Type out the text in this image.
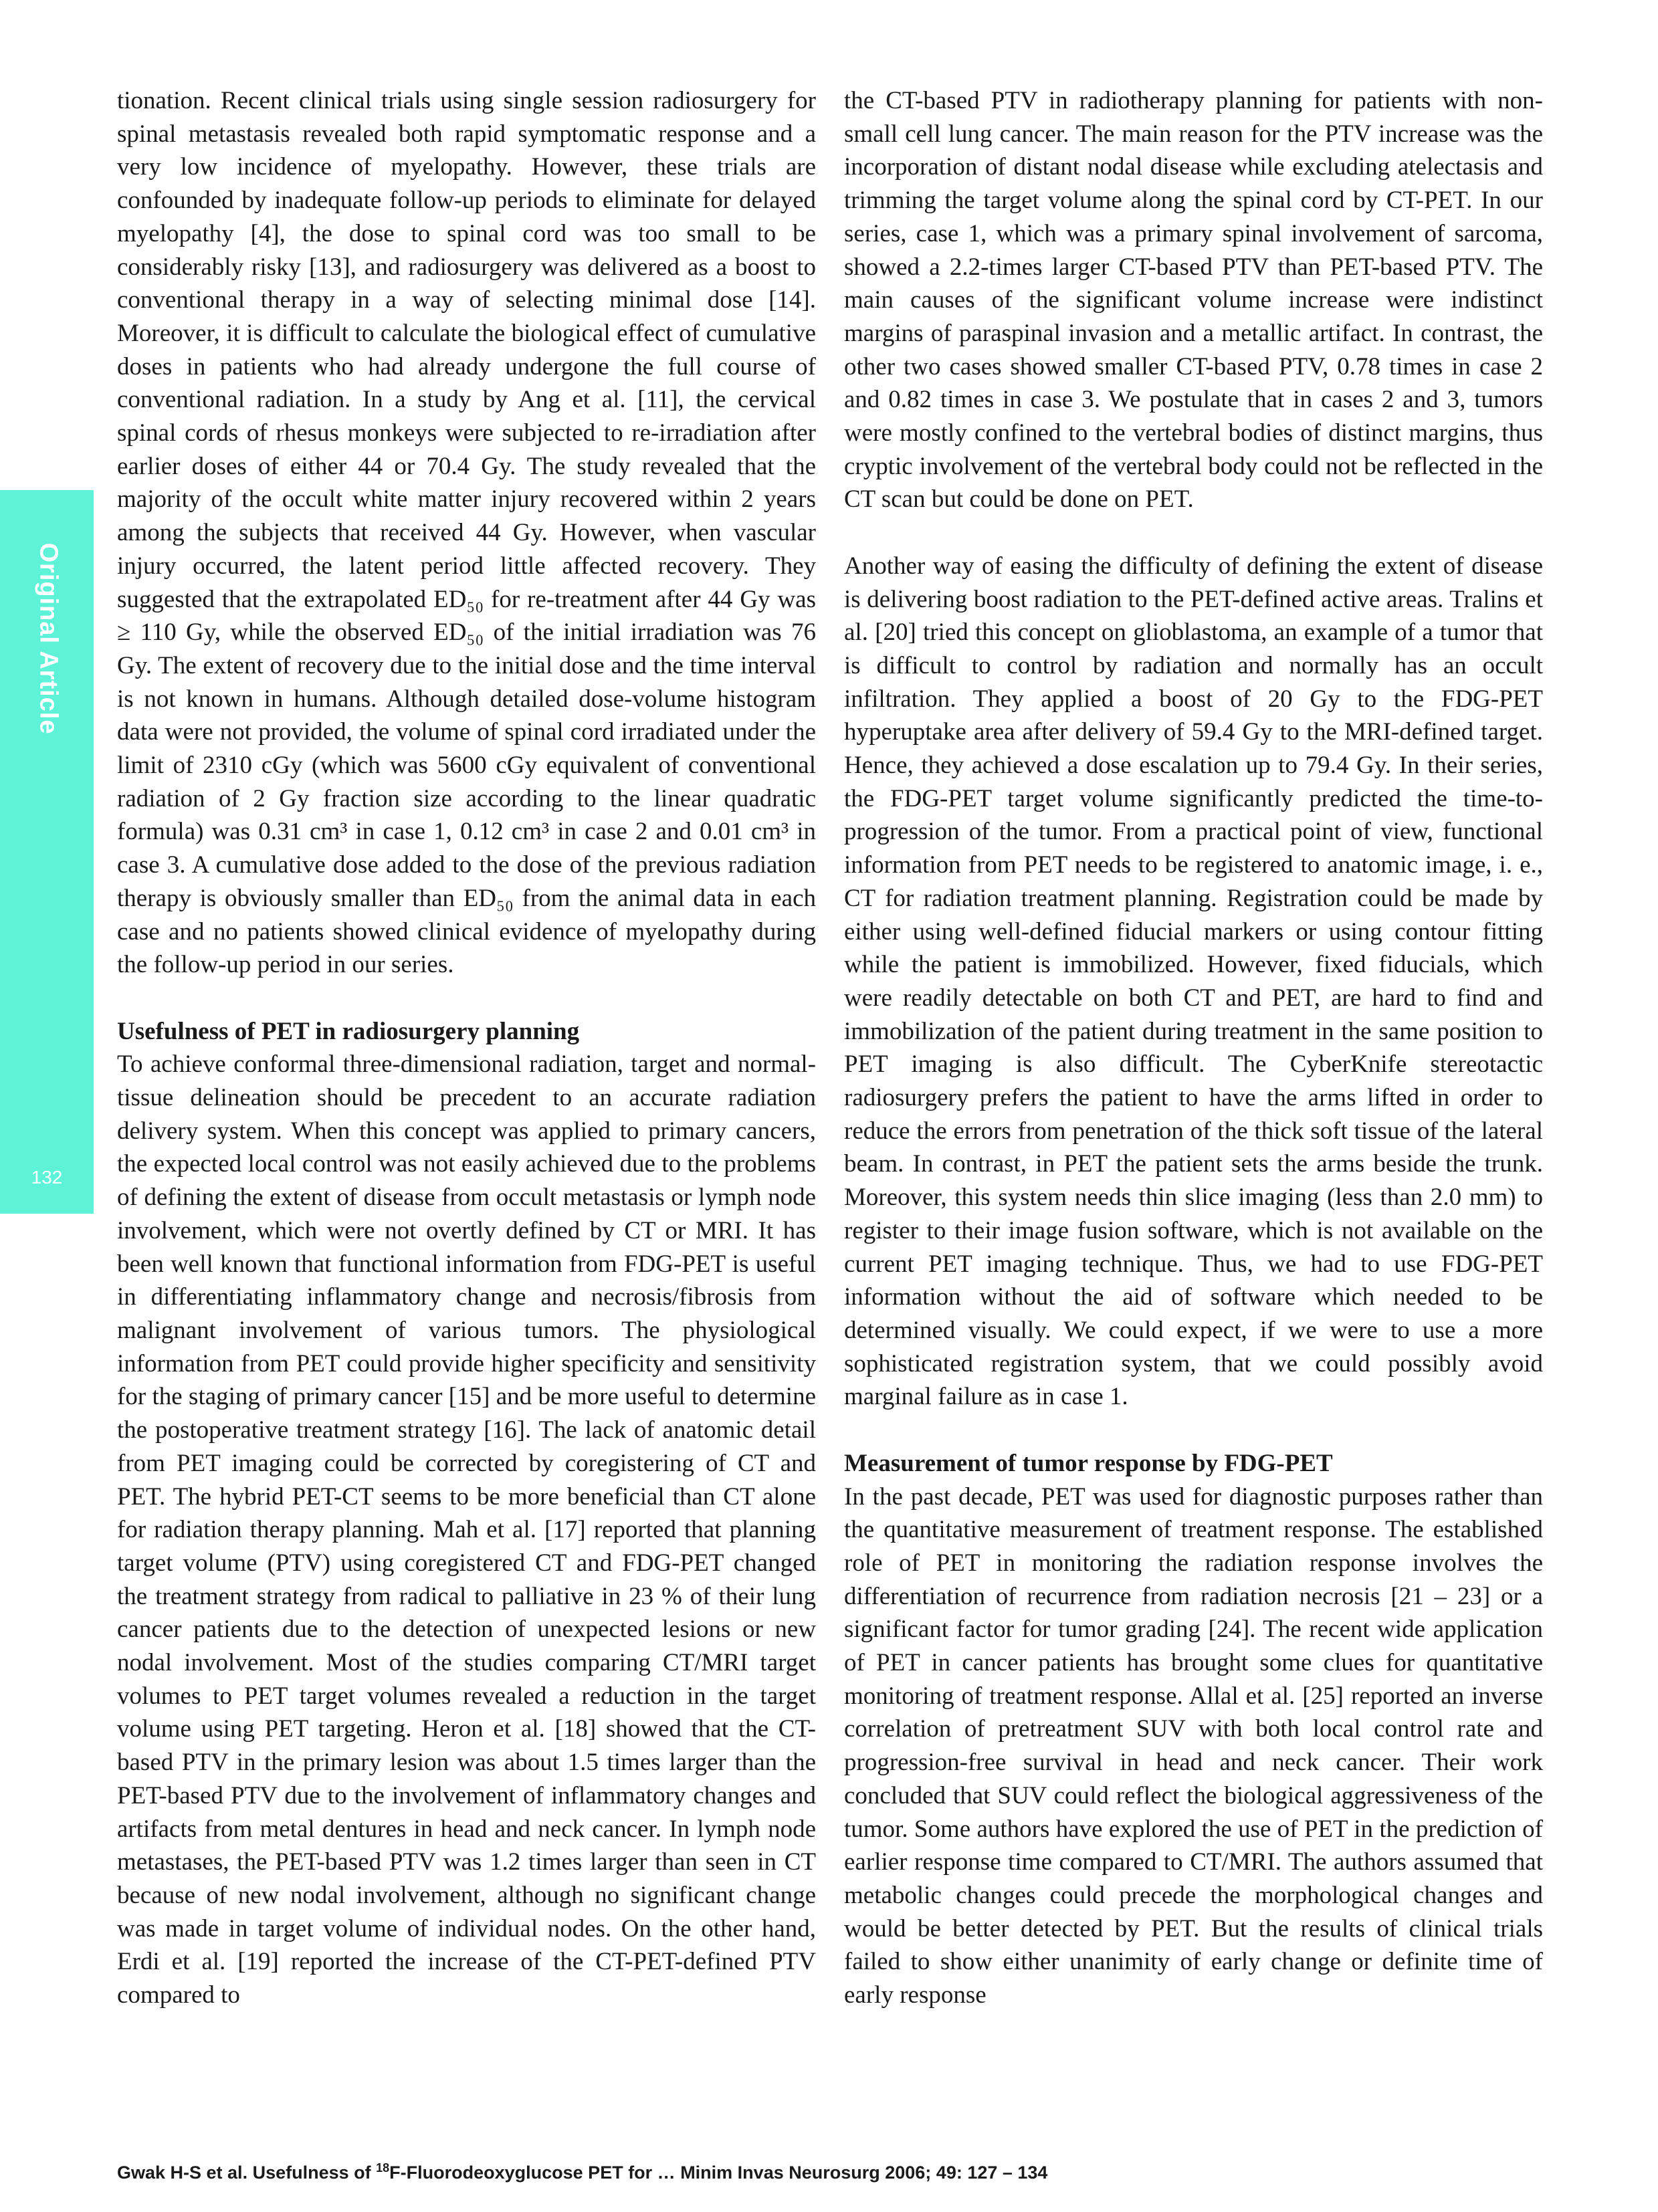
Original Article
132

tionation. Recent clinical trials using single session radiosurgery for spinal metastasis revealed both rapid symptomatic response and a very low incidence of myelopathy. However, these trials are confounded by inadequate follow-up periods to eliminate for delayed myelopathy [4], the dose to spinal cord was too small to be considerably risky [13], and radiosurgery was delivered as a boost to conventional therapy in a way of selecting minimal dose [14]. Moreover, it is difficult to calculate the biological effect of cumulative doses in patients who had already undergone the full course of conventional radiation. In a study by Ang et al. [11], the cervical spinal cords of rhesus monkeys were subjected to re-irradiation after earlier doses of either 44 or 70.4 Gy. The study revealed that the majority of the occult white matter injury recovered within 2 years among the subjects that received 44 Gy. However, when vascular injury occurred, the latent period little affected recovery. They suggested that the extrapolated ED₅₀ for re-treatment after 44 Gy was ≥ 110 Gy, while the observed ED₅₀ of the initial irradiation was 76 Gy. The extent of recovery due to the initial dose and the time interval is not known in humans. Although detailed dose-volume histogram data were not provided, the volume of spinal cord irradiated under the limit of 2310 cGy (which was 5600 cGy equivalent of conventional radiation of 2 Gy fraction size according to the linear quadratic formula) was 0.31 cm³ in case 1, 0.12 cm³ in case 2 and 0.01 cm³ in case 3. A cumulative dose added to the dose of the previous radiation therapy is obviously smaller than ED₅₀ from the animal data in each case and no patients showed clinical evidence of myelopathy during the follow-up period in our series.

Usefulness of PET in radiosurgery planning

To achieve conformal three-dimensional radiation, target and normal-tissue delineation should be precedent to an accurate radiation delivery system. When this concept was applied to primary cancers, the expected local control was not easily achieved due to the problems of defining the extent of disease from occult metastasis or lymph node involvement, which were not overtly defined by CT or MRI. It has been well known that functional information from FDG-PET is useful in differentiating inflammatory change and necrosis/fibrosis from malignant involvement of various tumors. The physiological information from PET could provide higher specificity and sensitivity for the staging of primary cancer [15] and be more useful to determine the postoperative treatment strategy [16]. The lack of anatomic detail from PET imaging could be corrected by coregistering of CT and PET. The hybrid PET-CT seems to be more beneficial than CT alone for radiation therapy planning. Mah et al. [17] reported that planning target volume (PTV) using coregistered CT and FDG-PET changed the treatment strategy from radical to palliative in 23 % of their lung cancer patients due to the detection of unexpected lesions or new nodal involvement. Most of the studies comparing CT/MRI target volumes to PET target volumes revealed a reduction in the target volume using PET targeting. Heron et al. [18] showed that the CT-based PTV in the primary lesion was about 1.5 times larger than the PET-based PTV due to the involvement of inflammatory changes and artifacts from metal dentures in head and neck cancer. In lymph node metastases, the PET-based PTV was 1.2 times larger than seen in CT because of new nodal involvement, although no significant change was made in target volume of individual nodes. On the other hand, Erdi et al. [19] reported the increase of the CT-PET-defined PTV compared to

the CT-based PTV in radiotherapy planning for patients with non-small cell lung cancer. The main reason for the PTV increase was the incorporation of distant nodal disease while excluding atelectasis and trimming the target volume along the spinal cord by CT-PET. In our series, case 1, which was a primary spinal involvement of sarcoma, showed a 2.2-times larger CT-based PTV than PET-based PTV. The main causes of the significant volume increase were indistinct margins of paraspinal invasion and a metallic artifact. In contrast, the other two cases showed smaller CT-based PTV, 0.78 times in case 2 and 0.82 times in case 3. We postulate that in cases 2 and 3, tumors were mostly confined to the vertebral bodies of distinct margins, thus cryptic involvement of the vertebral body could not be reflected in the CT scan but could be done on PET.

Another way of easing the difficulty of defining the extent of disease is delivering boost radiation to the PET-defined active areas. Tralins et al. [20] tried this concept on glioblastoma, an example of a tumor that is difficult to control by radiation and normally has an occult infiltration. They applied a boost of 20 Gy to the FDG-PET hyperuptake area after delivery of 59.4 Gy to the MRI-defined target. Hence, they achieved a dose escalation up to 79.4 Gy. In their series, the FDG-PET target volume significantly predicted the time-to-progression of the tumor. From a practical point of view, functional information from PET needs to be registered to anatomic image, i. e., CT for radiation treatment planning. Registration could be made by either using well-defined fiducial markers or using contour fitting while the patient is immobilized. However, fixed fiducials, which were readily detectable on both CT and PET, are hard to find and immobilization of the patient during treatment in the same position to PET imaging is also difficult. The CyberKnife stereotactic radiosurgery prefers the patient to have the arms lifted in order to reduce the errors from penetration of the thick soft tissue of the lateral beam. In contrast, in PET the patient sets the arms beside the trunk. Moreover, this system needs thin slice imaging (less than 2.0 mm) to register to their image fusion software, which is not available on the current PET imaging technique. Thus, we had to use FDG-PET information without the aid of software which needed to be determined visually. We could expect, if we were to use a more sophisticated registration system, that we could possibly avoid marginal failure as in case 1.

Measurement of tumor response by FDG-PET

In the past decade, PET was used for diagnostic purposes rather than the quantitative measurement of treatment response. The established role of PET in monitoring the radiation response involves the differentiation of recurrence from radiation necrosis [21 – 23] or a significant factor for tumor grading [24]. The recent wide application of PET in cancer patients has brought some clues for quantitative monitoring of treatment response. Allal et al. [25] reported an inverse correlation of pretreatment SUV with both local control rate and progression-free survival in head and neck cancer. Their work concluded that SUV could reflect the biological aggressiveness of the tumor. Some authors have explored the use of PET in the prediction of earlier response time compared to CT/MRI. The authors assumed that metabolic changes could precede the morphological changes and would be better detected by PET. But the results of clinical trials failed to show either unanimity of early change or definite time of early response

Gwak H-S et al. Usefulness of $^{18}$F-Fluorodeoxyglucose PET for … Minim Invas Neurosurg 2006; 49: 127 – 134
